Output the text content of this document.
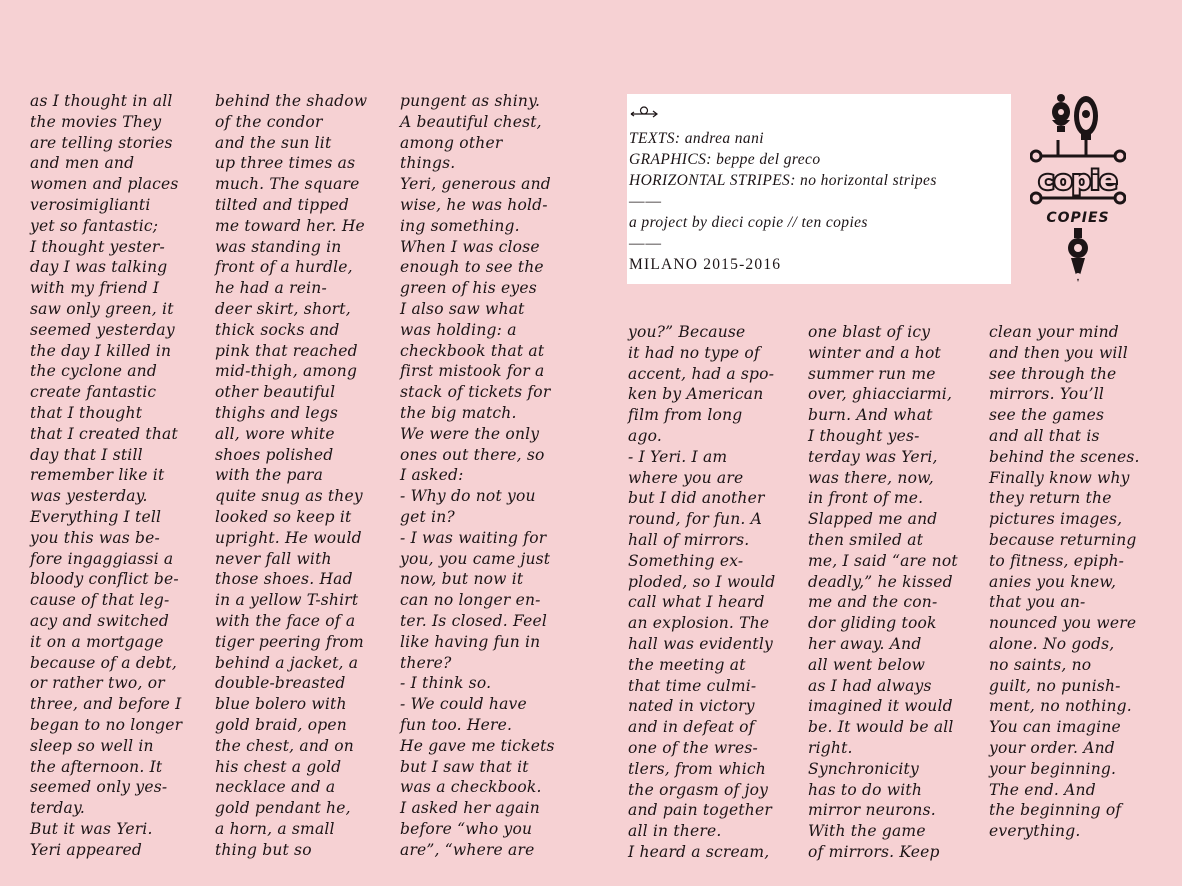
as I thought in all
the movies They
are telling stories
and men and
women and places
verosimiglianti
yet so fantastic;
I thought yester-
day I was talking
with my friend I
saw only green, it
seemed yesterday
the day I killed in
the cyclone and
create fantastic
that I thought
that I created that
day that I still
remember like it
was yesterday.
Everything I tell
you this was be-
fore ingaggiassi a
bloody conflict be-
cause of that leg-
acy and switched
it on a mortgage
because of a debt,
or rather two, or
three, and before I
began to no longer
sleep so well in
the afternoon. It
seemed only yes-
terday.
But it was Yeri.
Yeri appeared
behind the shadow
of the condor
and the sun lit
up three times as
much. The square
tilted and tipped
me toward her. He
was standing in
front of a hurdle,
he had a rein-
deer skirt, short,
thick socks and
pink that reached
mid-thigh, among
other beautiful
thighs and legs
all, wore white
shoes polished
with the para
quite snug as they
looked so keep it
upright. He would
never fall with
those shoes. Had
in a yellow T-shirt
with the face of a
tiger peering from
behind a jacket, a
double-breasted
blue bolero with
gold braid, open
the chest, and on
his chest a gold
necklace and a
gold pendant he,
a horn, a small
thing but so
pungent as shiny.
A beautiful chest,
among other
things.
Yeri, generous and
wise, he was hold-
ing something.
When I was close
enough to see the
green of his eyes
I also saw what
was holding: a
checkbook that at
first mistook for a
stack of tickets for
the big match.
We were the only
ones out there, so
I asked:
- Why do not you
get in?
- I was waiting for
you, you came just
now, but now it
can no longer en-
ter. Is closed. Feel
like having fun in
there?
- I think so.
- We could have
fun too. Here.
He gave me tickets
but I saw that it
was a checkbook.
I asked her again
before “who you
are”, “where are
TEXTS: andrea nani
GRAPHICS: beppe del greco
HORIZONTAL STRIPES: no horizontal stripes
——
a project by dieci copie // ten copies
——
MILANO 2015-2016
copie
COPIES
you?” Because
it had no type of
accent, had a spo-
ken by American
film from long
ago.
- I Yeri. I am
where you are
but I did another
round, for fun. A
hall of mirrors.
Something ex-
ploded, so I would
call what I heard
an explosion. The
hall was evidently
the meeting at
that time culmi-
nated in victory
and in defeat of
one of the wres-
tlers, from which
the orgasm of joy
and pain together
all in there.
I heard a scream,
one blast of icy
winter and a hot
summer run me
over, ghiacciarmi,
burn. And what
I thought yes-
terday was Yeri,
was there, now,
in front of me.
Slapped me and
then smiled at
me, I said “are not
deadly,” he kissed
me and the con-
dor gliding took
her away. And
all went below
as I had always
imagined it would
be. It would be all
right.
Synchronicity
has to do with
mirror neurons.
With the game
of mirrors. Keep
clean your mind
and then you will
see through the
mirrors. You’ll
see the games
and all that is
behind the scenes.
Finally know why
they return the
pictures images,
because returning
to fitness, epiph-
anies you knew,
that you an-
nounced you were
alone. No gods,
no saints, no
guilt, no punish-
ment, no nothing.
You can imagine
your order. And
your beginning.
The end. And
the beginning of
everything.
